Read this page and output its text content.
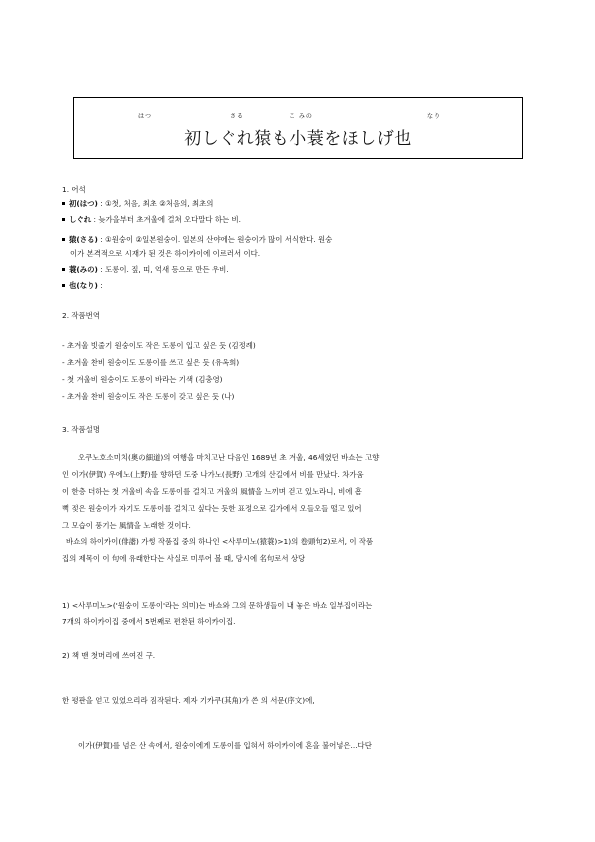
はつ	さる	こ みの	なり
初しぐれ猿も小蓑をほしげ也
1. 어석
初(はつ) : ①첫, 처음, 최초 ②처음의, 최초의
しぐれ : 늦가을부터 초겨울에 걸쳐 오다말다 하는 비.
猿(さる) : ①원숭이 ②일본원숭이. 일본의 산야에는 원숭이가 많이 서식한다. 원숭
이가 본격적으로 시재가 된 것은 하이카이에 이르러서 이다.
蓑(みの) : 도롱이. 짚, 띠, 억새 등으로 만든 우비.
也(なり) :
2. 작품번역
- 초겨울 빗줄기 원숭이도 작은 도롱이 입고 싶은 듯 (김정례)
- 초겨울 찬비 원숭이도 도롱이를 쓰고 싶은 듯 (유옥희)
- 첫 겨울비 원숭이도 도롱이 바라는 기색 (김충영)
- 초겨울 찬비 원숭이도 작은 도롱이 갖고 싶은 듯 (나)
3. 작품설명
오쿠노호소미치(奥の細道)의 여행을 마치고난 다음인 1689년 초 겨울, 46세였던 바쇼는 고향
인 이가(伊賀) 우에노(上野)를 향하던 도중 나가노(長野) 고개의 산길에서 비를 만났다. 차가움
이 한층 더하는 첫 겨울비 속을 도롱이를 걸치고 겨울의 風情을 느끼며 걷고 있노라니, 비에 흠
뻑 젖은 원숭이가 자기도 도롱이를 걸치고 싶다는 듯한 표정으로 길가에서 오들오들 떨고 있어
그 모습이 풍기는 風情을 노래한 것이다.
바쇼의 하이카이(俳諧) 가썽 작품집 중의 하나인 <사루미노(猿蓑)>1)의 卷頭句2)로서, 이 작품
집의 제목이 이 句에 유래한다는 사실로 미루어 볼 때, 당시에 名句로서 상당
1) <사루미노>('원숭이 도롱이'라는 의미)는 바쇼와 그의 문하생들이 내 놓은 바쇼 일부집이라는
7개의 하이카이집 중에서 5번째로 편찬된 하이카이집.
2) 책 맨 첫머리에 쓰여진 구.
한 평판을 얻고 있었으리라 짐작된다. 제자 기카쿠(其角)가 쓴 의 서문(序文)에,
이가(伊賀)를 넘은 산 속에서, 원숭이에게 도롱이를 입혀서 하이카이에 혼을 불어넣은...다단
